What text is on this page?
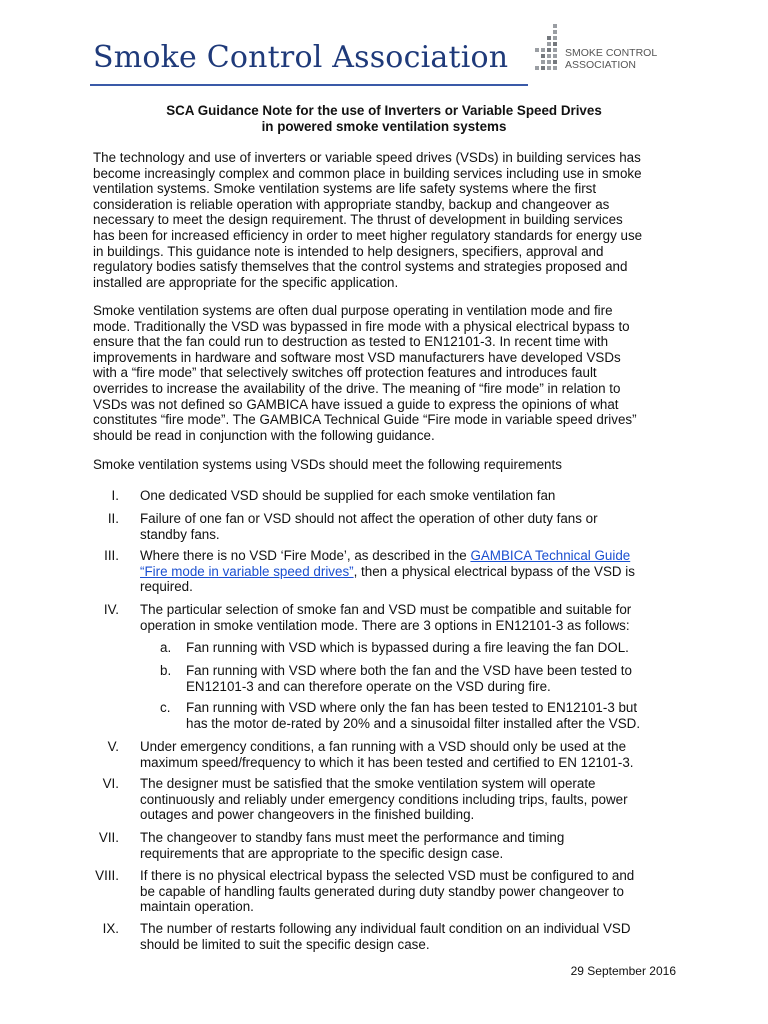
Smoke Control Association	SMOKE CONTROL
ASSOCIATION
SCA Guidance Note for the use of Inverters or Variable Speed Drives
in powered smoke ventilation systems
The technology and use of inverters or variable speed drives (VSDs) in building services has
become increasingly complex and common place in building services including use in smoke
ventilation systems. Smoke ventilation systems are life safety systems where the first
consideration is reliable operation with appropriate standby, backup and changeover as
necessary to meet the design requirement. The thrust of development in building services
has been for increased efficiency in order to meet higher regulatory standards for energy use
in buildings. This guidance note is intended to help designers, specifiers, approval and
regulatory bodies satisfy themselves that the control systems and strategies proposed and
installed are appropriate for the specific application.
Smoke ventilation systems are often dual purpose operating in ventilation mode and fire
mode. Traditionally the VSD was bypassed in fire mode with a physical electrical bypass to
ensure that the fan could run to destruction as tested to EN12101-3. In recent time with
improvements in hardware and software most VSD manufacturers have developed VSDs
with a “fire mode” that selectively switches off protection features and introduces fault
overrides to increase the availability of the drive. The meaning of “fire mode” in relation to
VSDs was not defined so GAMBICA have issued a guide to express the opinions of what
constitutes “fire mode”. The GAMBICA Technical Guide “Fire mode in variable speed drives”
should be read in conjunction with the following guidance.
Smoke ventilation systems using VSDs should meet the following requirements
I. One dedicated VSD should be supplied for each smoke ventilation fan
II. Failure of one fan or VSD should not affect the operation of other duty fans or
standby fans.
III. Where there is no VSD ‘Fire Mode’, as described in the GAMBICA Technical Guide
“Fire mode in variable speed drives”, then a physical electrical bypass of the VSD is
required.
IV. The particular selection of smoke fan and VSD must be compatible and suitable for
operation in smoke ventilation mode. There are 3 options in EN12101-3 as follows:
a.	Fan running with VSD which is bypassed during a fire leaving the fan DOL.
b.	Fan running with VSD where both the fan and the VSD have been tested to
EN12101-3 and can therefore operate on the VSD during fire.
c.	Fan running with VSD where only the fan has been tested to EN12101-3 but
has the motor de-rated by 20% and a sinusoidal filter installed after the VSD.
V. Under emergency conditions, a fan running with a VSD should only be used at the
maximum speed/frequency to which it has been tested and certified to EN 12101-3.
VI. The designer must be satisfied that the smoke ventilation system will operate
continuously and reliably under emergency conditions including trips, faults, power
outages and power changeovers in the finished building.
VII. The changeover to standby fans must meet the performance and timing
requirements that are appropriate to the specific design case.
VIII. If there is no physical electrical bypass the selected VSD must be configured to and
be capable of handling faults generated during duty standby power changeover to
maintain operation.
IX. The number of restarts following any individual fault condition on an individual VSD
should be limited to suit the specific design case.
29 September 2016
